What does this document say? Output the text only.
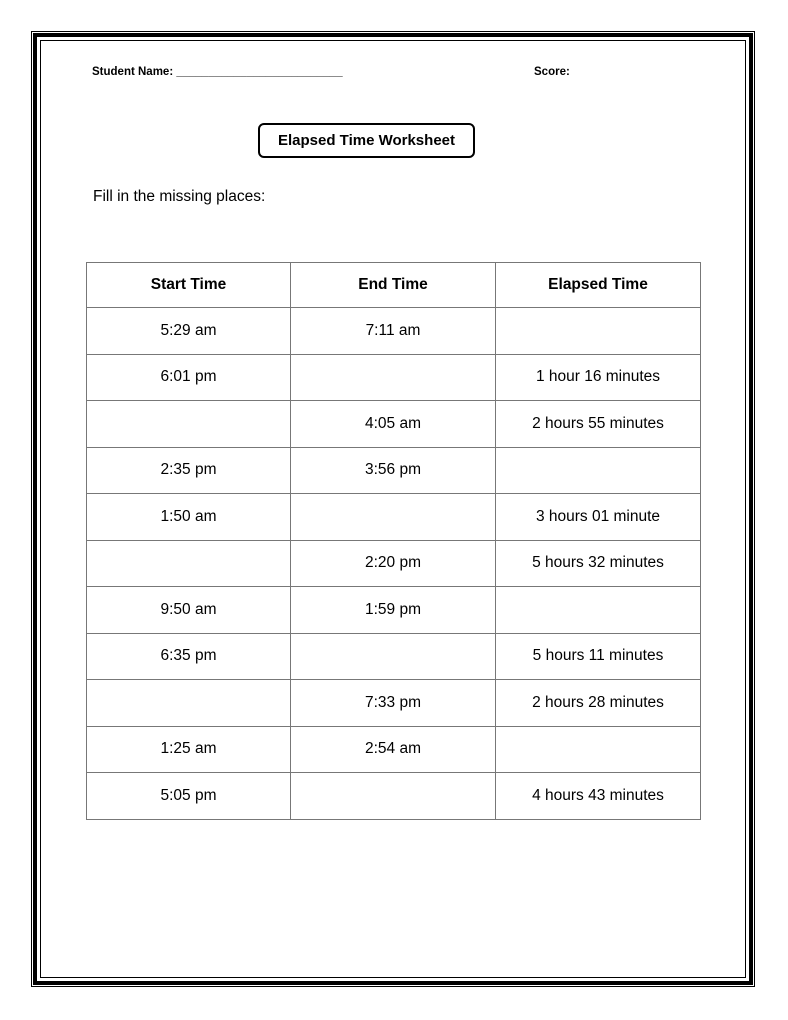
Student Name: __________________________	Score:
Elapsed Time Worksheet
Fill in the missing places:
Start Time	End Time	Elapsed Time
5:29 am	7:11 am	
6:01 pm		1 hour 16 minutes
	4:05 am	2 hours 55 minutes
2:35 pm	3:56 pm	
1:50 am		3 hours 01 minute
	2:20 pm	5 hours 32 minutes
9:50 am	1:59 pm	
6:35 pm		5 hours 11 minutes
	7:33 pm	2 hours 28 minutes
1:25 am	2:54 am	
5:05 pm		4 hours 43 minutes
